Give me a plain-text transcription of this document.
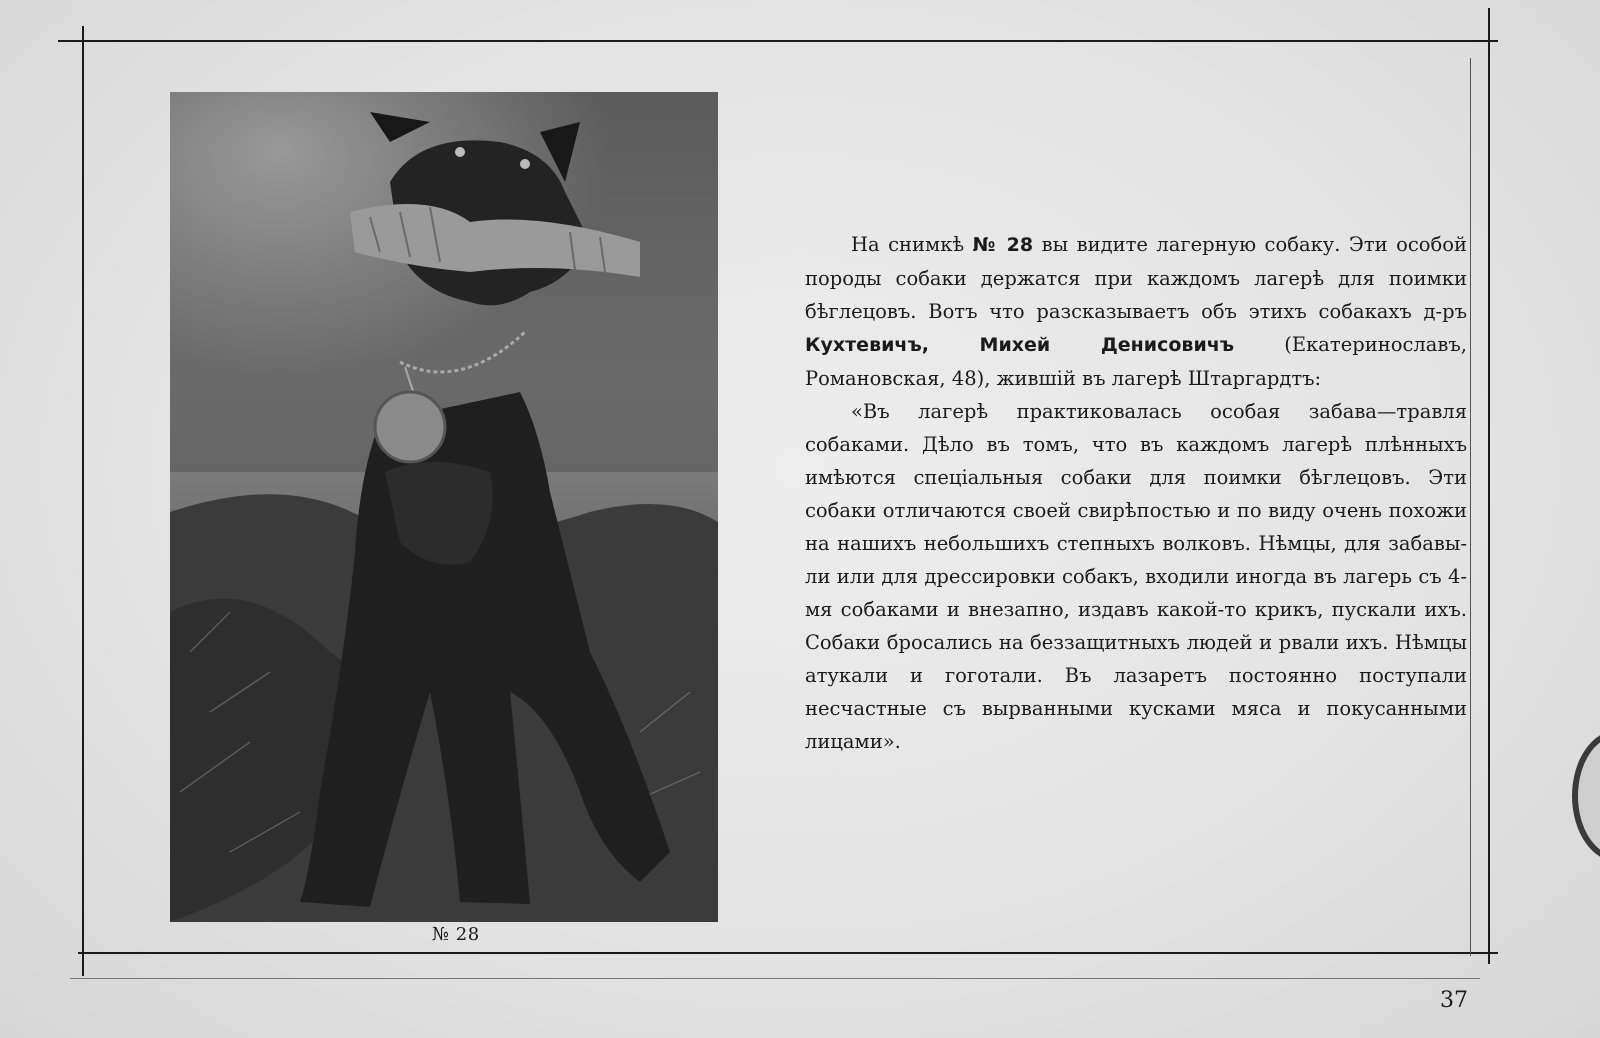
№ 28

На снимкѣ № 28 вы видите лагерную собаку. Эти особой породы собаки держатся при каждомъ лагерѣ для поимки бѣглецовъ. Вотъ что разсказываетъ объ этихъ собакахъ д-ръ Кухтевичъ, Михей Денисовичъ (Екатеринославъ, Романовская, 48), жившій въ лагерѣ Штаргардтъ:

«Въ лагерѣ практиковалась особая забава—травля собаками. Дѣло въ томъ, что въ каждомъ лагерѣ плѣнныхъ имѣются спеціальныя собаки для поимки бѣглецовъ. Эти собаки отличаются своей свирѣпостью и по виду очень похожи на нашихъ небольшихъ степныхъ волковъ. Нѣмцы, для забавы-ли или для дрессировки собакъ, входили иногда въ лагерь съ 4-мя собаками и внезапно, издавъ какой-то крикъ, пускали ихъ. Собаки бросались на беззащитныхъ людей и рвали ихъ. Нѣмцы атукали и гоготали. Въ лазаретъ постоянно поступали несчастные съ вырванными кусками мяса и покусанными лицами».

37
